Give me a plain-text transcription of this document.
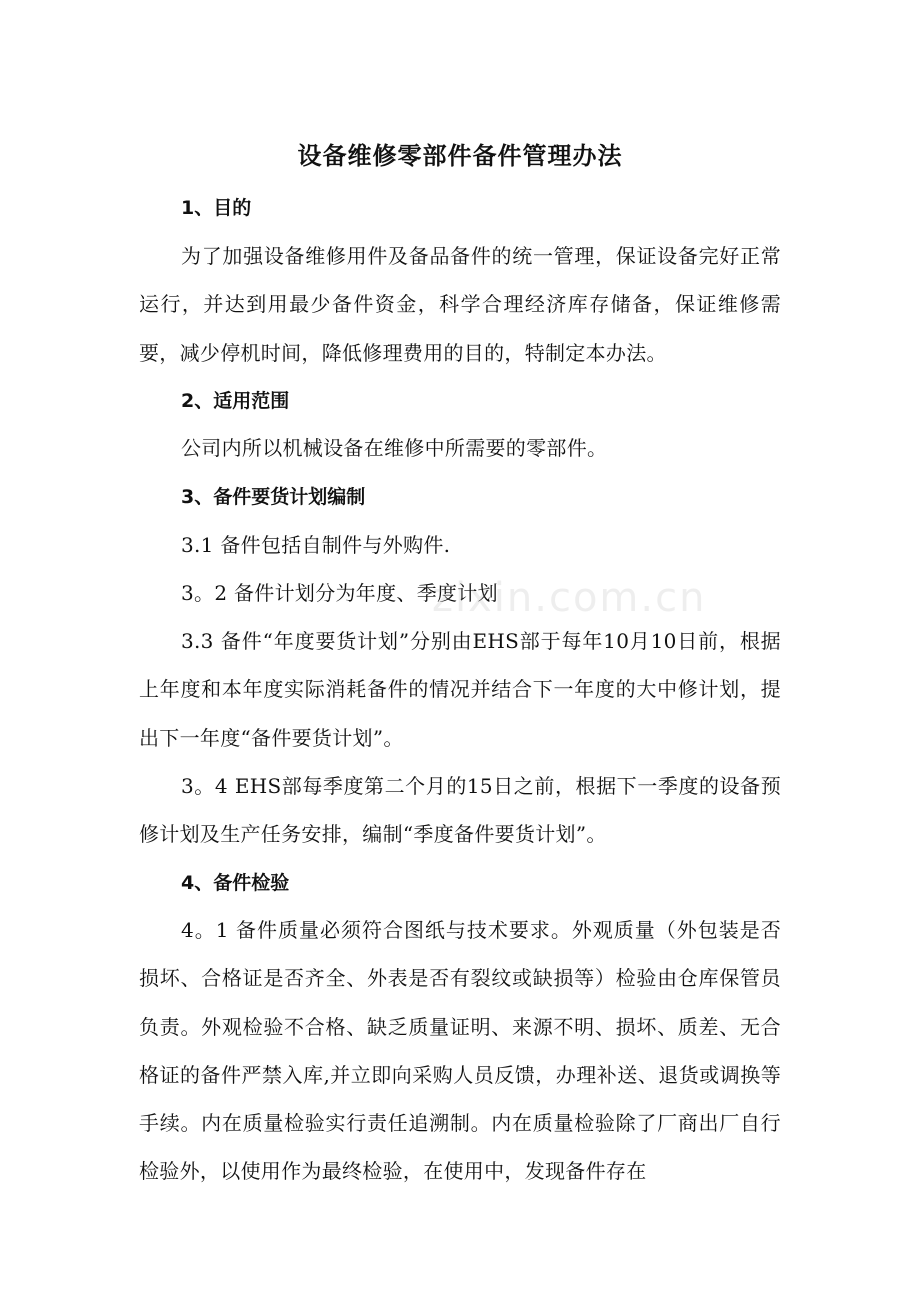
设备维修零部件备件管理办法
1、目的

为了加强设备维修用件及备品备件的统一管理，保证设备完好正常运行，并达到用最少备件资金，科学合理经济库存储备，保证维修需要，减少停机时间，降低修理费用的目的，特制定本办法。

2、适用范围

公司内所以机械设备在维修中所需要的零部件。

3、备件要货计划编制

3.1 备件包括自制件与外购件.

3。2 备件计划分为年度、季度计划

3.3 备件“年度要货计划”分别由EHS部于每年10月10日前，根据上年度和本年度实际消耗备件的情况并结合下一年度的大中修计划，提出下一年度“备件要货计划”。

3。4 EHS部每季度第二个月的15日之前，根据下一季度的设备预修计划及生产任务安排，编制“季度备件要货计划”。

4、备件检验

4。1 备件质量必须符合图纸与技术要求。外观质量（外包装是否损坏、合格证是否齐全、外表是否有裂纹或缺损等）检验由仓库保管员负责。外观检验不合格、缺乏质量证明、来源不明、损坏、质差、无合格证的备件严禁入库,并立即向采购人员反馈，办理补送、退货或调换等手续。内在质量检验实行责任追溯制。内在质量检验除了厂商出厂自行检验外，以使用作为最终检验，在使用中，发现备件存在

zixin.com.cn
